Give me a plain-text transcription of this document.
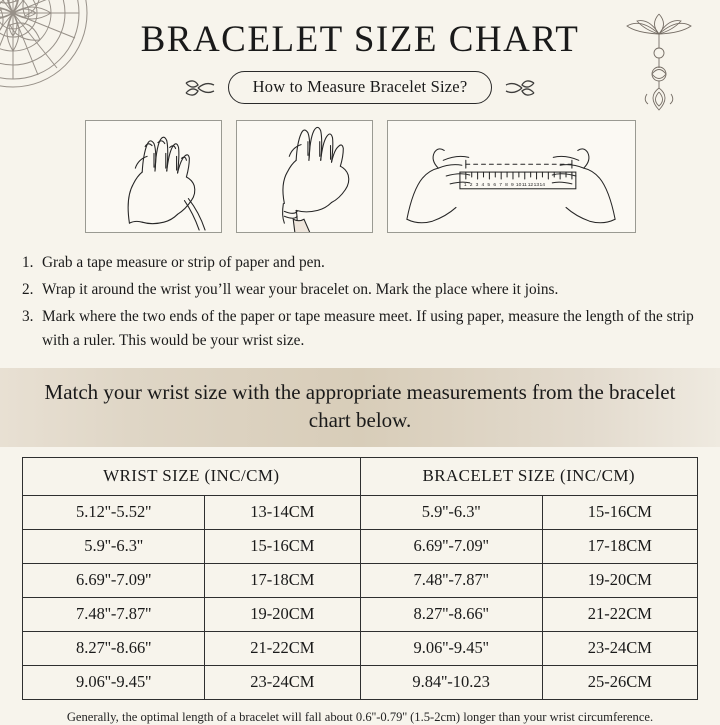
BRACELET SIZE CHART
How to Measure Bracelet Size?
1 2 3 4 5 6 7 8 9 10 11 12 13 14
1. Grab a tape measure or strip of paper and pen.
2. Wrap it around the wrist you’ll wear your bracelet on. Mark the place where it joins.
3. Mark where the two ends of the paper or tape measure meet. If using paper, measure the length of the strip with a ruler. This would be your wrist size.
Match your wrist size with the appropriate measurements from the bracelet chart below.
WRIST SIZE (INC/CM)		BRACELET SIZE (INC/CM)	
5.12''-5.52''	13-14CM	5.9''-6.3''	15-16CM
5.9''-6.3''	15-16CM	6.69''-7.09''	17-18CM
6.69''-7.09''	17-18CM	7.48''-7.87''	19-20CM
7.48''-7.87''	19-20CM	8.27''-8.66''	21-22CM
8.27''-8.66''	21-22CM	9.06''-9.45''	23-24CM
9.06''-9.45''	23-24CM	9.84''-10.23	25-26CM
Generally, the optimal length of a bracelet will fall about 0.6''-0.79'' (1.5-2cm) longer than your wrist circumference.
